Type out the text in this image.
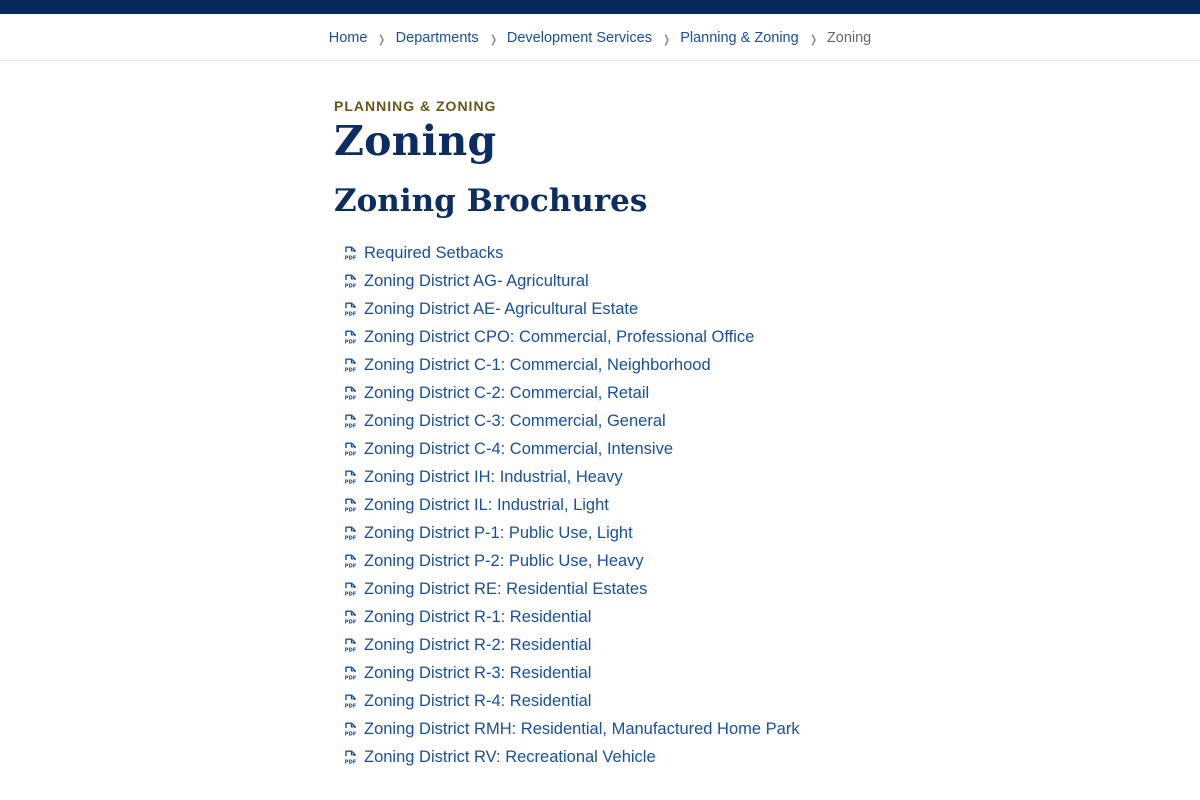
Home ❯ Departments ❯ Development Services ❯ Planning & Zoning ❯ Zoning

PLANNING & ZONING

Zoning
Zoning Brochures
PDF Required Setbacks
PDF Zoning District AG- Agricultural
PDF Zoning District AE- Agricultural Estate
PDF Zoning District CPO: Commercial, Professional Office
PDF Zoning District C-1: Commercial, Neighborhood
PDF Zoning District C-2: Commercial, Retail
PDF Zoning District C-3: Commercial, General
PDF Zoning District C-4: Commercial, Intensive
PDF Zoning District IH: Industrial, Heavy
PDF Zoning District IL: Industrial, Light
PDF Zoning District P-1: Public Use, Light
PDF Zoning District P-2: Public Use, Heavy
PDF Zoning District RE: Residential Estates
PDF Zoning District R-1: Residential
PDF Zoning District R-2: Residential
PDF Zoning District R-3: Residential
PDF Zoning District R-4: Residential
PDF Zoning District RMH: Residential, Manufactured Home Park
PDF Zoning District RV: Recreational Vehicle
